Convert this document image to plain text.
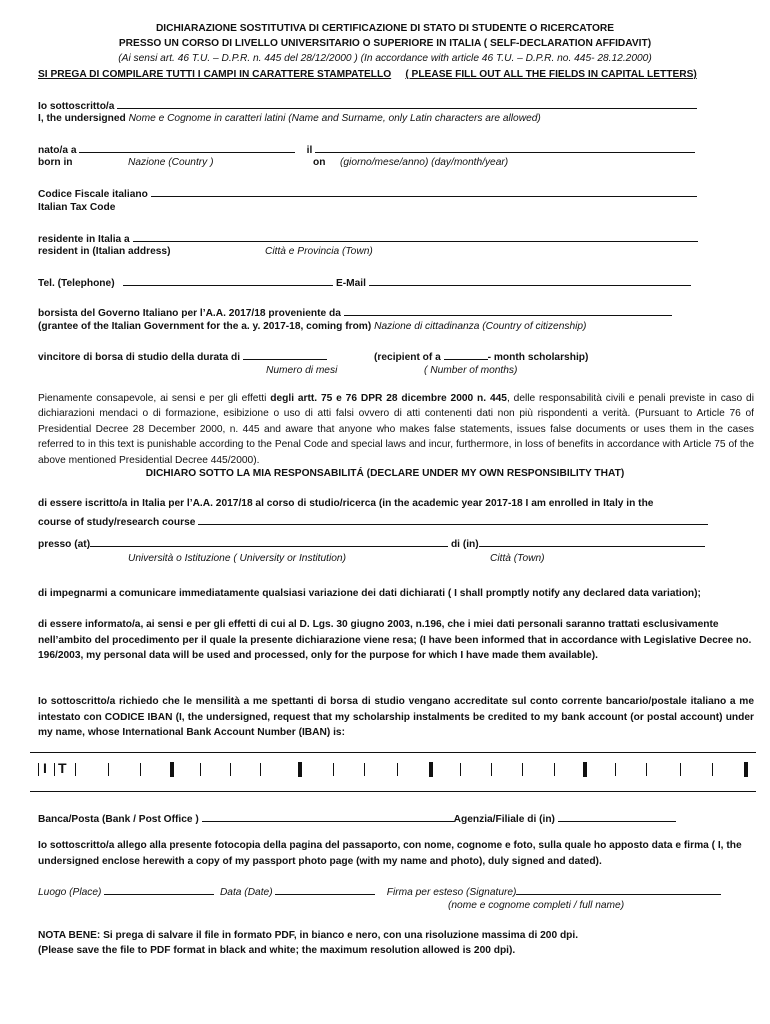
DICHIARAZIONE SOSTITUTIVA DI CERTIFICAZIONE DI STATO DI STUDENTE O RICERCATORE
PRESSO UN CORSO DI LIVELLO UNIVERSITARIO O SUPERIORE IN ITALIA ( SELF-DECLARATION AFFIDAVIT)
(Ai sensi art. 46 T.U. – D.P.R. n. 445 del 28/12/2000 ) (In accordance with article 46 T.U. – D.P.R. no. 445- 28.12.2000)
SI PREGA DI COMPILARE TUTTI I CAMPI IN CARATTERE STAMPATELLO ( PLEASE FILL OUT ALL THE FIELDS IN CAPITAL LETTERS)
Io sottoscritto/a
I, the undersigned Nome e Cognome in caratteri latini (Name and Surname, only Latin characters are allowed)
nato/a a	il
born in	Nazione (Country )	on (giorno/mese/anno) (day/month/year)
Codice Fiscale italiano
Italian Tax Code
residente in Italia a
resident in (Italian address)	Città e Provincia (Town)
Tel. (Telephone)	E-Mail
borsista del Governo Italiano per l’A.A. 2017/18 proveniente da
(grantee of the Italian Government for the a. y. 2017-18, coming from) Nazione di cittadinanza (Country of citizenship)
vincitore di borsa di studio della durata di	(recipient of a	- month scholarship)
Numero di mesi	( Number of months)
Pienamente consapevole, ai sensi e per gli effetti degli artt. 75 e 76 DPR 28 dicembre 2000 n. 445, delle responsabilità civili e penali previste in caso di dichiarazioni mendaci o di formazione, esibizione o uso di atti falsi ovvero di atti contenenti dati non più rispondenti a verità. (Pursuant to Article 76 of Presidential Decree 28 December 2000, n. 445 and aware that anyone who makes false statements, issues false documents or uses them in the cases referred to in this text is punishable according to the Penal Code and special laws and incur, furthermore, in loss of benefits in accordance with Article 75 of the above mentioned Presidential Decree 445/2000).
DICHIARO SOTTO LA MIA RESPONSABILITÁ (DECLARE UNDER MY OWN RESPONSIBILITY THAT)
di essere iscritto/a in Italia per l’A.A. 2017/18 al corso di studio/ricerca (in the academic year 2017-18 I am enrolled in Italy in the
course of study/research course
presso (at)	di (in)
Università o Istituzione ( University or Institution)	Città (Town)
di impegnarmi a comunicare immediatamente qualsiasi variazione dei dati dichiarati ( I shall promptly notify any declared data variation);
di essere informato/a, ai sensi e per gli effetti di cui al D. Lgs. 30 giugno 2003, n.196, che i miei dati personali saranno trattati esclusivamente nell’ambito del procedimento per il quale la presente dichiarazione viene resa; (I have been informed that in accordance with Legislative Decree no. 196/2003, my personal data will be used and processed, only for the purpose for which I have made them available).
Io sottoscritto/a richiedo che le mensilità a me spettanti di borsa di studio vengano accreditate sul conto corrente bancario/postale italiano a me intestato con CODICE IBAN (I, the undersigned, request that my scholarship instalments be credited to my bank account (or postal account) under my name, whose International Bank Account Number (IBAN) is:
I T
Banca/Posta (Bank / Post Office )	Agenzia/Filiale di (in)
Io sottoscritto/a allego alla presente fotocopia della pagina del passaporto, con nome, cognome e foto, sulla quale ho apposto data e firma ( I, the undersigned enclose herewith a copy of my passport photo page (with my name and photo), duly signed and dated).
Luogo (Place)	Data (Date)	Firma per esteso (Signature)
(nome e cognome completi / full name)
NOTA BENE: Si prega di salvare il file in formato PDF, in bianco e nero, con una risoluzione massima di 200 dpi.
(Please save the file to PDF format in black and white; the maximum resolution allowed is 200 dpi).
